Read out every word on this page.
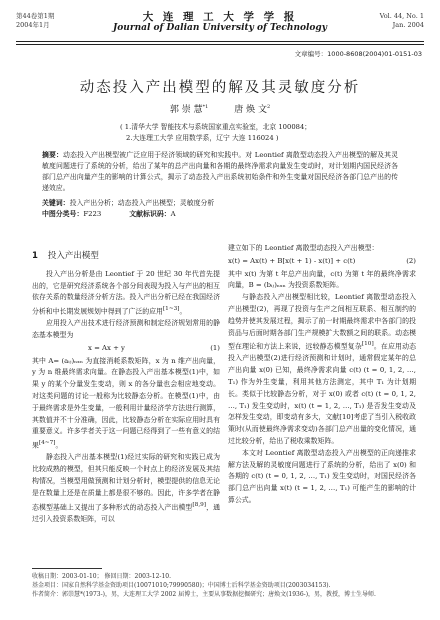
第44卷第1期
2004年1月
大 连 理 工 大 学 学 报
Journal of Dalian University of Technology
Vol. 44, No. 1
Jan. 2004
文章编号：1000-8608(2004)01-0151-03
动态投入产出模型的解及其灵敏度分析
郭 崇 慧$^{*1}$	唐 焕 文$^2$
( 1.清华大学 智能技术与系统国家重点实验室，北京 100084；
2.大连理工大学 应用数学系，辽宁 大连 116024 )
摘要：动态投入产出模型被广泛应用于经济领域的研究和实践中。对 Leontief 离散型动态投入产出模型的解及其灵敏度问题进行了系统的分析，给出了某年的总产出向量和各期的最终净需求向量发生变动时，对计划期内国民经济各部门总产出向量产生的影响的计算公式，揭示了动态投入产出系统初始条件和外生变量对国民经济各部门总产出的传递效应。
关键词：投入产出分析；动态投入产出模型；灵敏度分析
中图分类号：F223	文献标识码：A
1 投入产出模型

投入产出分析是由 Leontief 于 20 世纪 30 年代首先提出的，它是研究经济系统各个部分间表现为投入与产出的相互依存关系的数量经济分析方法。投入产出分析已经在我国经济分析和中长期发展规划中得到了广泛的应用[1~3]。

应用投入产出技术进行经济预测和制定经济规划常用的静态基本模型为

x = Ax + y	(1)

其中 A= (aᵢⱼ)ₙₓₙ 为直接消耗系数矩阵，x 为 n 维产出向量，y 为 n 维最终需求向量。在静态投入产出基本模型(1)中，如果 y 的某个分量发生变动，则 x 的各分量也会相应地变动。对这类问题的讨论一般称为比较静态分析。在模型(1)中，由于最终需求是外生变量，一般利用计量经济学方法进行测算，其数值并不十分准确，因此，比较静态分析在实际应用时具有重要意义。许多学者关于这一问题已经得到了一些有意义的结果[4~7]。

静态投入产出基本模型(1)经过实际的研究和实践已成为比较成熟的模型，但其只能反映一个时点上的经济发展及其结构情况，当模型用做预测和计划分析时，模型提供的信息无论是在数量上还是在质量上都是很不够的。因此，许多学者在静态模型基础上又提出了多种形式的动态投入产出模型[8,9]，通过引入投资系数矩阵，可以

建立如下的 Leontief 离散型动态投入产出模型：

x(t) = Ax(t) + B[x(t + 1) - x(t)] + c(t)	(2)

其中 x(t) 为第 t 年总产出向量，c(t) 为第 t 年的最终净需求向量，B = (bᵢⱼ)ₙₓₙ 为投资系数矩阵。

与静态投入产出模型相比较，Leontief 离散型动态投入产出模型(2)，再现了投资与生产之间相互联系、相互制约的趋势并使其发展过程，揭示了前一时期最终需求中各部门的投资品与后面时期各部门生产规模扩大数额之间的联系。动态模型在理论和方法上来说，远较静态模型复杂[10]。在应用动态投入产出模型(2)进行经济预测和计划时，通常假定某年的总产出向量 x(0) 已知，最终净需求向量 c(t) (t = 0, 1, 2, …, T₁) 作为外生变量，利用其他方法测定，其中 T₁ 为计划期长。类似于比较静态分析，对于 x(0) 或者 c(t) (t = 0, 1, 2, …, T₁) 发生变动时，x(t) (t = 1, 2, …, T₁) 是否发生变动及怎样发生变动，即变动有多大，文献[10]考虑了当引入税收政策时(从而使最终净需求变动)各部门总产出量的变化情况，通过比较分析，给出了税收乘数矩阵。

本文对 Leontief 离散型动态投入产出模型的正向递推求解方法及解的灵敏度问题进行了系统的分析，给出了 x(0) 和各期的 c(t) (t = 0, 1, 2, …, T₁) 发生变动时，对国民经济各部门总产出向量 x(t) (t = 1, 2, …, T₁) 可能产生的影响的计算公式。

收稿日期：2003-01-10； 修回日期：2003-12-10.
基金项目：国家自然科学基金资助项目(10071010;79990580)；中国博士后科学基金资助项目(2003034153).
作者简介：郭崇慧*(1973-)，男，大连理工大学 2002 届博士，主要从事数据挖掘研究；唐焕文(1936-)，男，教授，博士生导师.
